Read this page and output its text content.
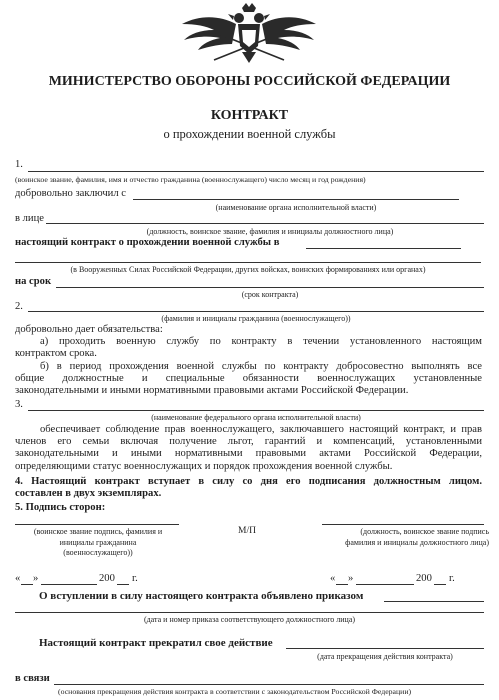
МИНИСТЕРСТВО ОБОРОНЫ РОССИЙСКОЙ ФЕДЕРАЦИИ
КОНТРАКТ
о прохождении военной службы
1.
(воинское звание, фамилия, имя и отчество гражданина (военнослужащего) число месяц и год рождения)
добровольно заключил с
(наименование органа исполнительной власти)
в лице
(должность, воинское звание, фамилия и инициалы должностного лица)
настоящий контракт о прохождении военной службы в
(в Вооруженных Силах Российской Федерации, других войсках, воинских формированиях или органах)
на срок
(срок контракта)
2.
(фамилия и инициалы гражданина (военнослужащего))
добровольно дает обязательства:
а) проходить военную службу по контракту в течении установленного настоящим
контрактом срока.
б) в период прохождения военной службы по контракту добросовестно выполнять все
общие должностные и специальные обязанности военнослужащих установленные
законодательными и иными нормативными правовыми актами Российской Федерации.
3.
(наименование федерального органа исполнительной власти)
обеспечивает соблюдение прав военнослужащего, заключавшего настоящий контракт, и прав
членов его семьи включая получение льгот, гарантий и компенсаций, установленными
законодательными и иными нормативными правовыми актами Российской Федерации,
определяющими статус военнослужащих и порядок прохождения военной службы.
4. Настоящий контракт вступает в силу со дня его подписания должностным лицом.
составлен в двух экземплярах.
5. Подпись сторон:
(воинское звание подпись, фамилия и
инициалы гражданина
(военнослужащего))
М/П	(должность, воинское звание подпись
фамилия и инициалы должностного лица)
« »	200 г.	« »	200 г.
О вступлении в силу настоящего контракта объявлено приказом
(дата и номер приказа соответствующего должностного лица)
Настоящий контракт прекратил свое действие
(дата прекращения действия контракта)
в связи
(основания прекращения действия контракта в соответствии с законодательством Российской Федерации)
